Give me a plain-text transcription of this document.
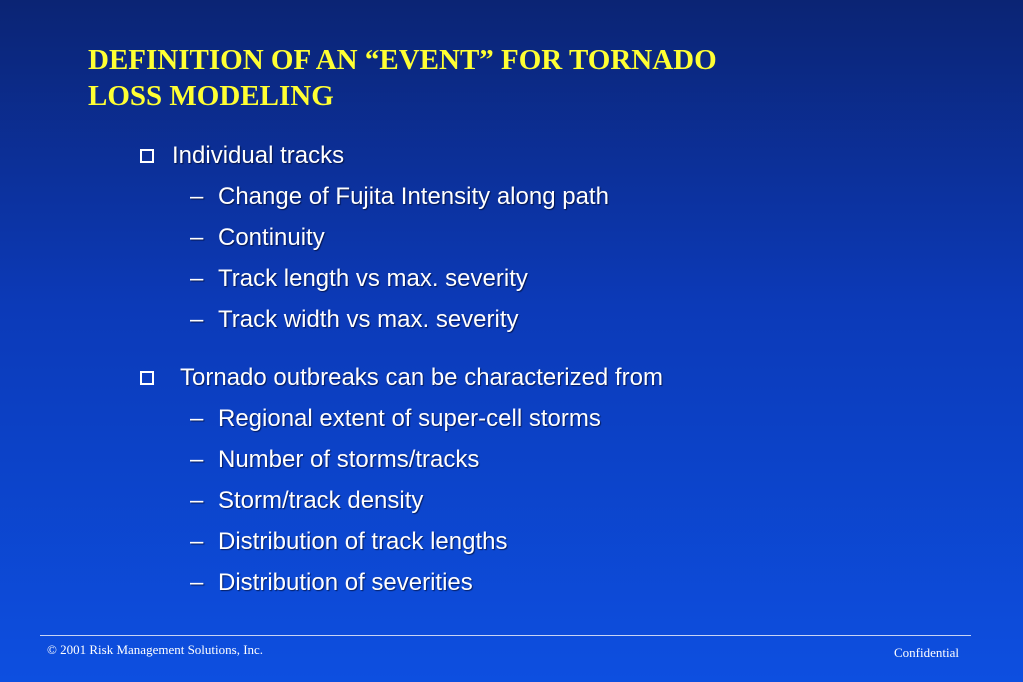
DEFINITION OF AN “EVENT” FOR TORNADO
LOSS MODELING
Individual tracks
– Change of Fujita Intensity along path
– Continuity
– Track length vs max. severity
– Track width vs max. severity
Tornado outbreaks can be characterized from
– Regional extent of super-cell storms
– Number of storms/tracks
– Storm/track density
– Distribution of track lengths
– Distribution of severities
© 2001 Risk Management Solutions, Inc.	Confidential
